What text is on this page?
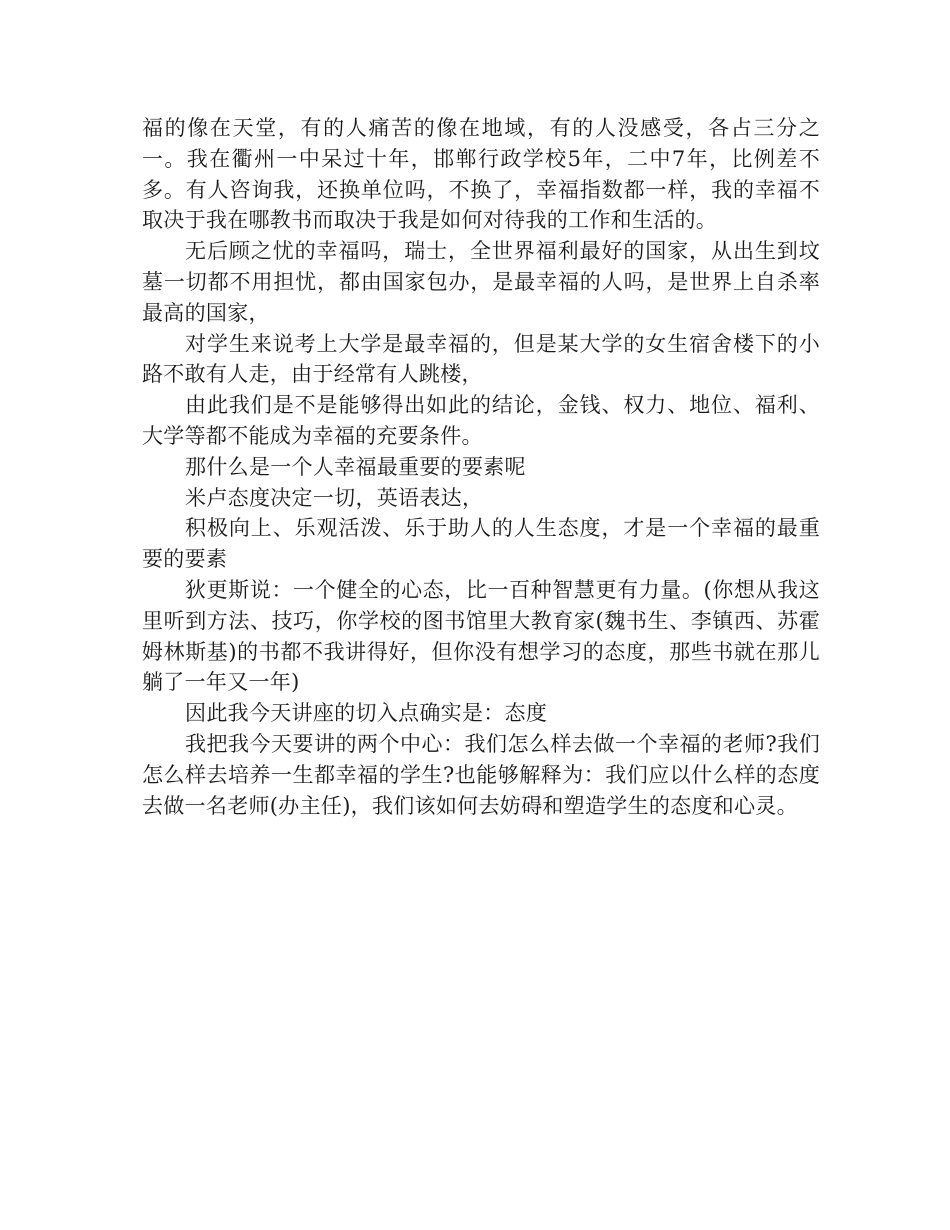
福的像在天堂，有的人痛苦的像在地域，有的人没感受，各占三分之一。我在衢州一中呆过十年，邯郸行政学校5年，二中7年，比例差不多。有人咨询我，还换单位吗，不换了，幸福指数都一样，我的幸福不取决于我在哪教书而取决于我是如何对待我的工作和生活的。

无后顾之忧的幸福吗，瑞士，全世界福利最好的国家，从出生到坟墓一切都不用担忧，都由国家包办，是最幸福的人吗，是世界上自杀率最高的国家，

对学生来说考上大学是最幸福的，但是某大学的女生宿舍楼下的小路不敢有人走，由于经常有人跳楼，

由此我们是不是能够得出如此的结论，金钱、权力、地位、福利、大学等都不能成为幸福的充要条件。

那什么是一个人幸福最重要的要素呢

米卢态度决定一切，英语表达，

积极向上、乐观活泼、乐于助人的人生态度，才是一个幸福的最重要的要素

狄更斯说：一个健全的心态，比一百种智慧更有力量。(你想从我这里听到方法、技巧，你学校的图书馆里大教育家(魏书生、李镇西、苏霍姆林斯基)的书都不我讲得好，但你没有想学习的态度，那些书就在那儿躺了一年又一年)

因此我今天讲座的切入点确实是：态度

我把我今天要讲的两个中心：我们怎么样去做一个幸福的老师?我们怎么样去培养一生都幸福的学生?也能够解释为：我们应以什么样的态度去做一名老师(办主任)，我们该如何去妨碍和塑造学生的态度和心灵。
